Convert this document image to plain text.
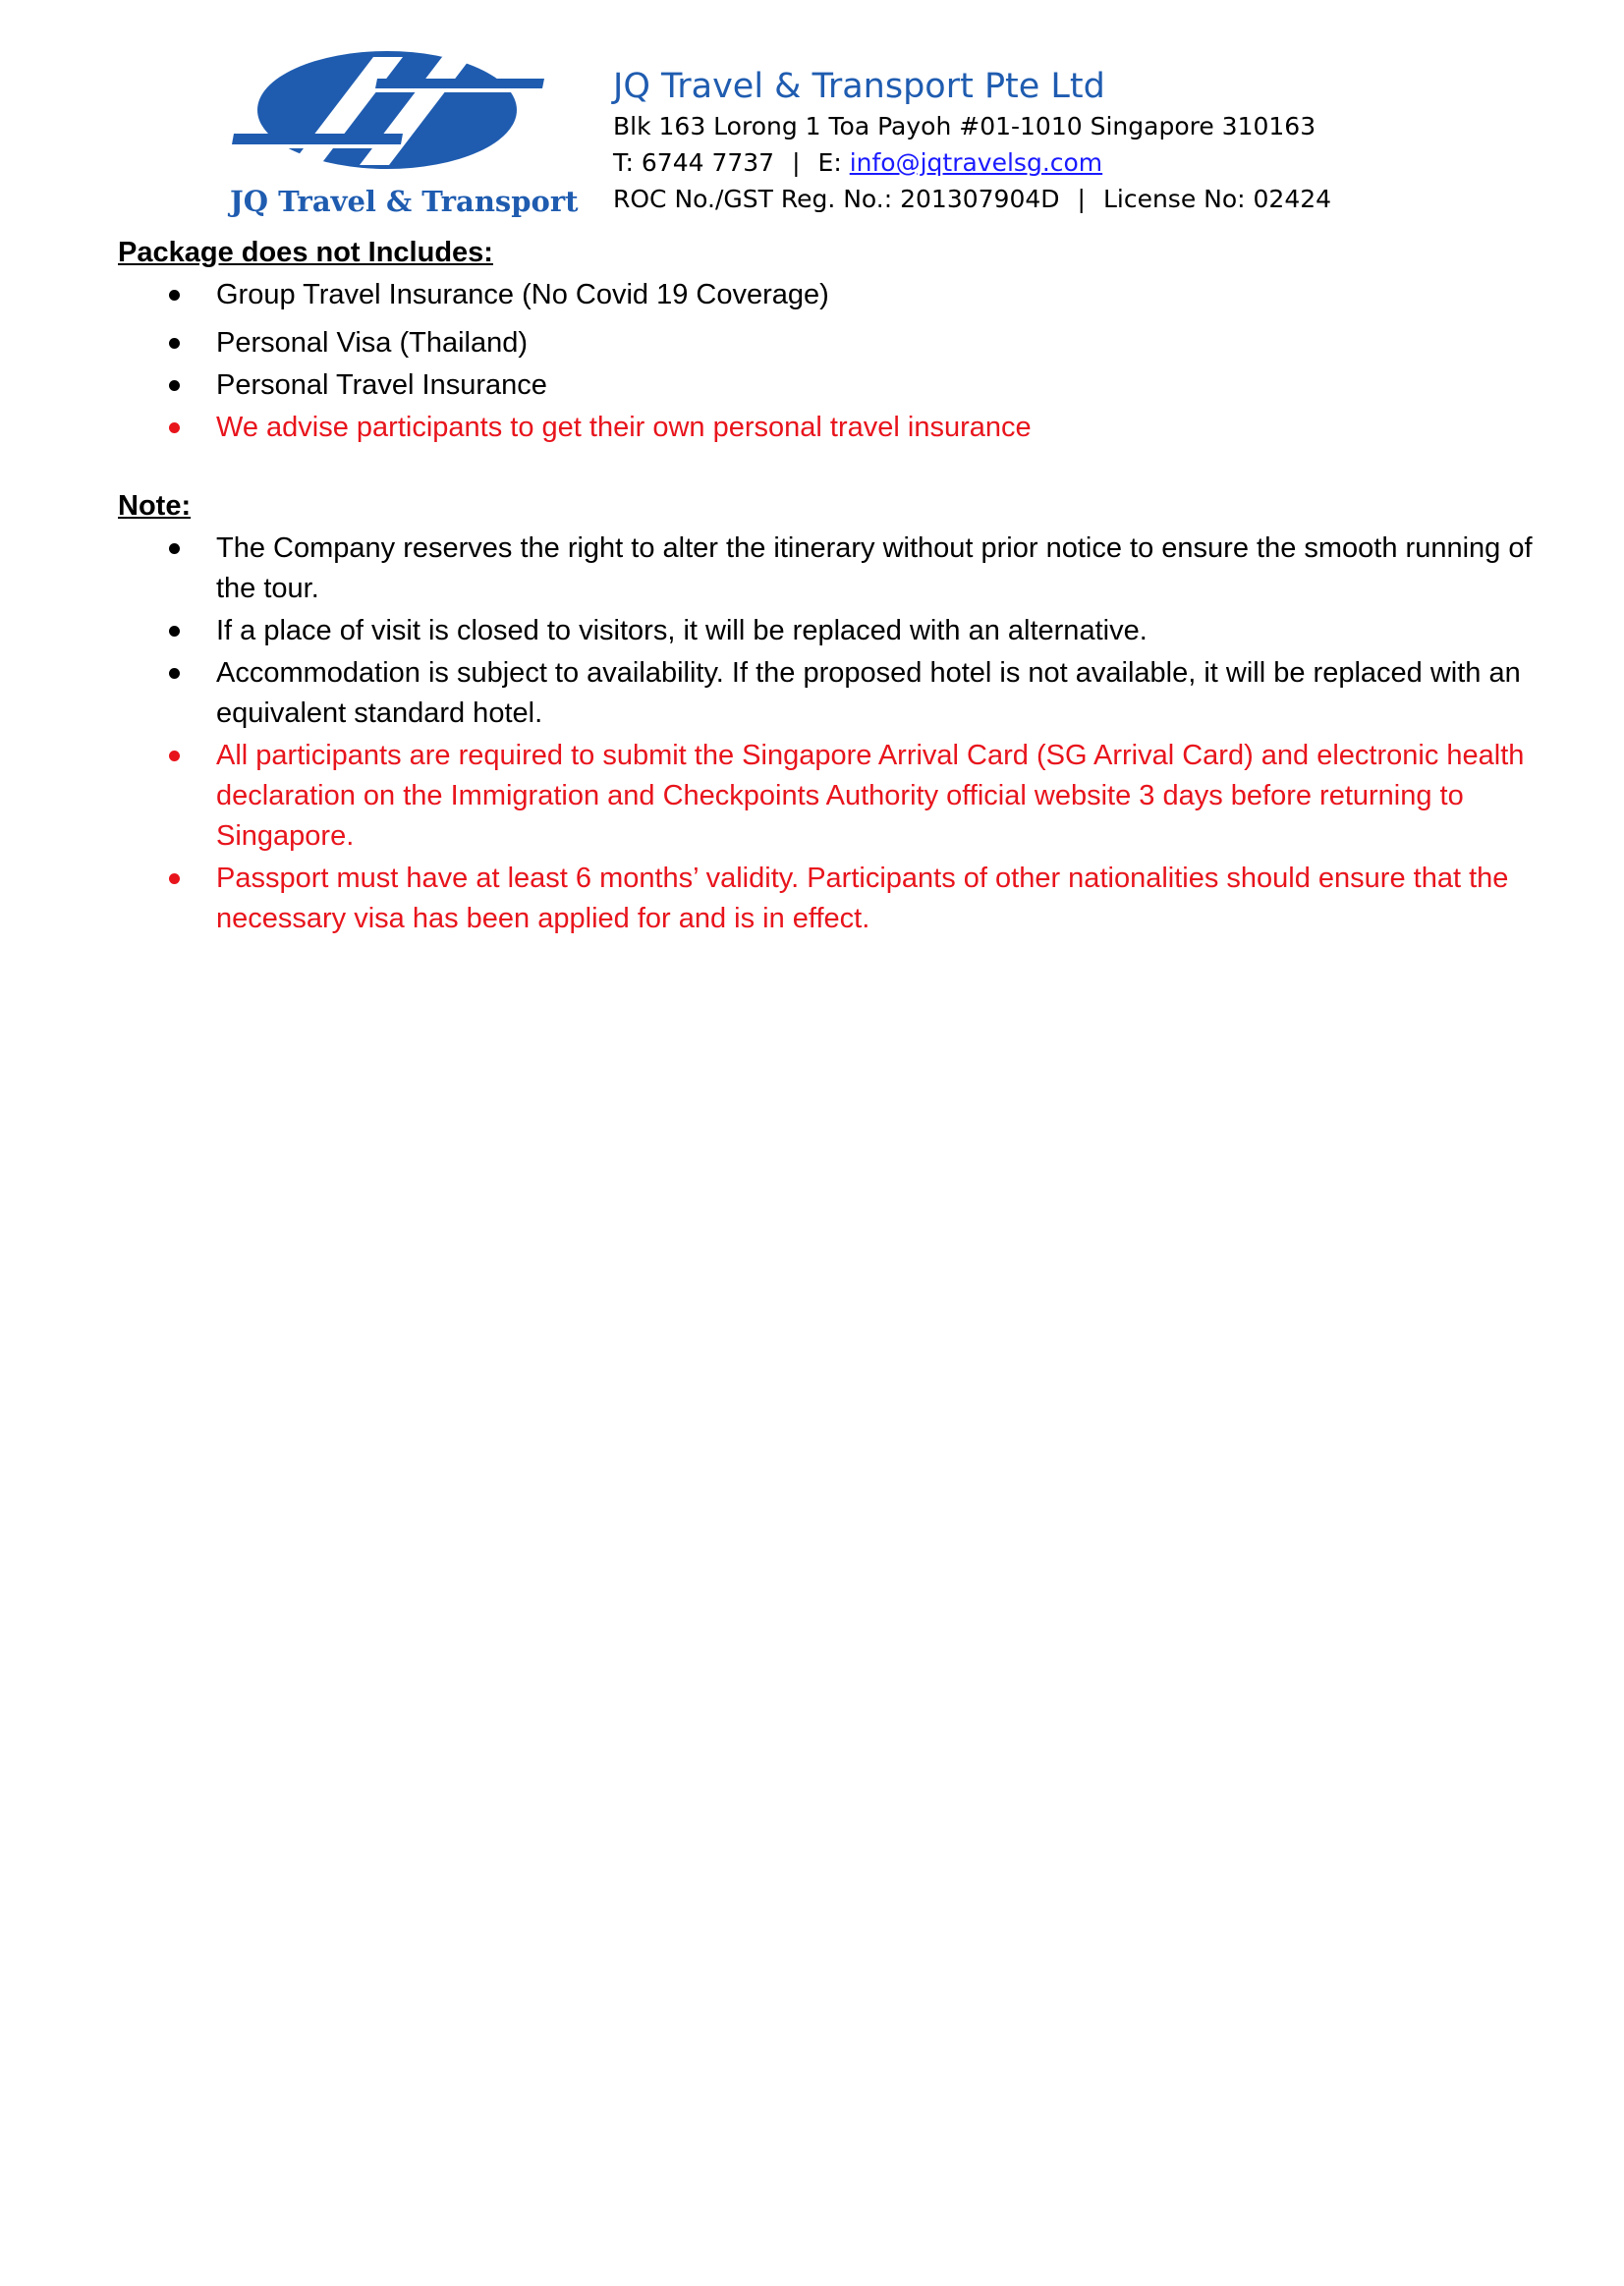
JQ Travel & Transport
JQ Travel & Transport Pte Ltd
Blk 163 Lorong 1 Toa Payoh #01-1010 Singapore 310163
T: 6744 7737 | E: info@jqtravelsg.com
ROC No./GST Reg. No.: 201307904D | License No: 02424
Package does not Includes:
Group Travel Insurance (No Covid 19 Coverage)
Personal Visa (Thailand)
Personal Travel Insurance
We advise participants to get their own personal travel insurance
Note:
The Company reserves the right to alter the itinerary without prior notice to ensure the smooth running of the tour.
If a place of visit is closed to visitors, it will be replaced with an alternative.
Accommodation is subject to availability. If the proposed hotel is not available, it will be replaced with an equivalent standard hotel.
All participants are required to submit the Singapore Arrival Card (SG Arrival Card) and electronic health declaration on the Immigration and Checkpoints Authority official website 3 days before returning to Singapore.
Passport must have at least 6 months’ validity. Participants of other nationalities should ensure that the necessary visa has been applied for and is in effect.
